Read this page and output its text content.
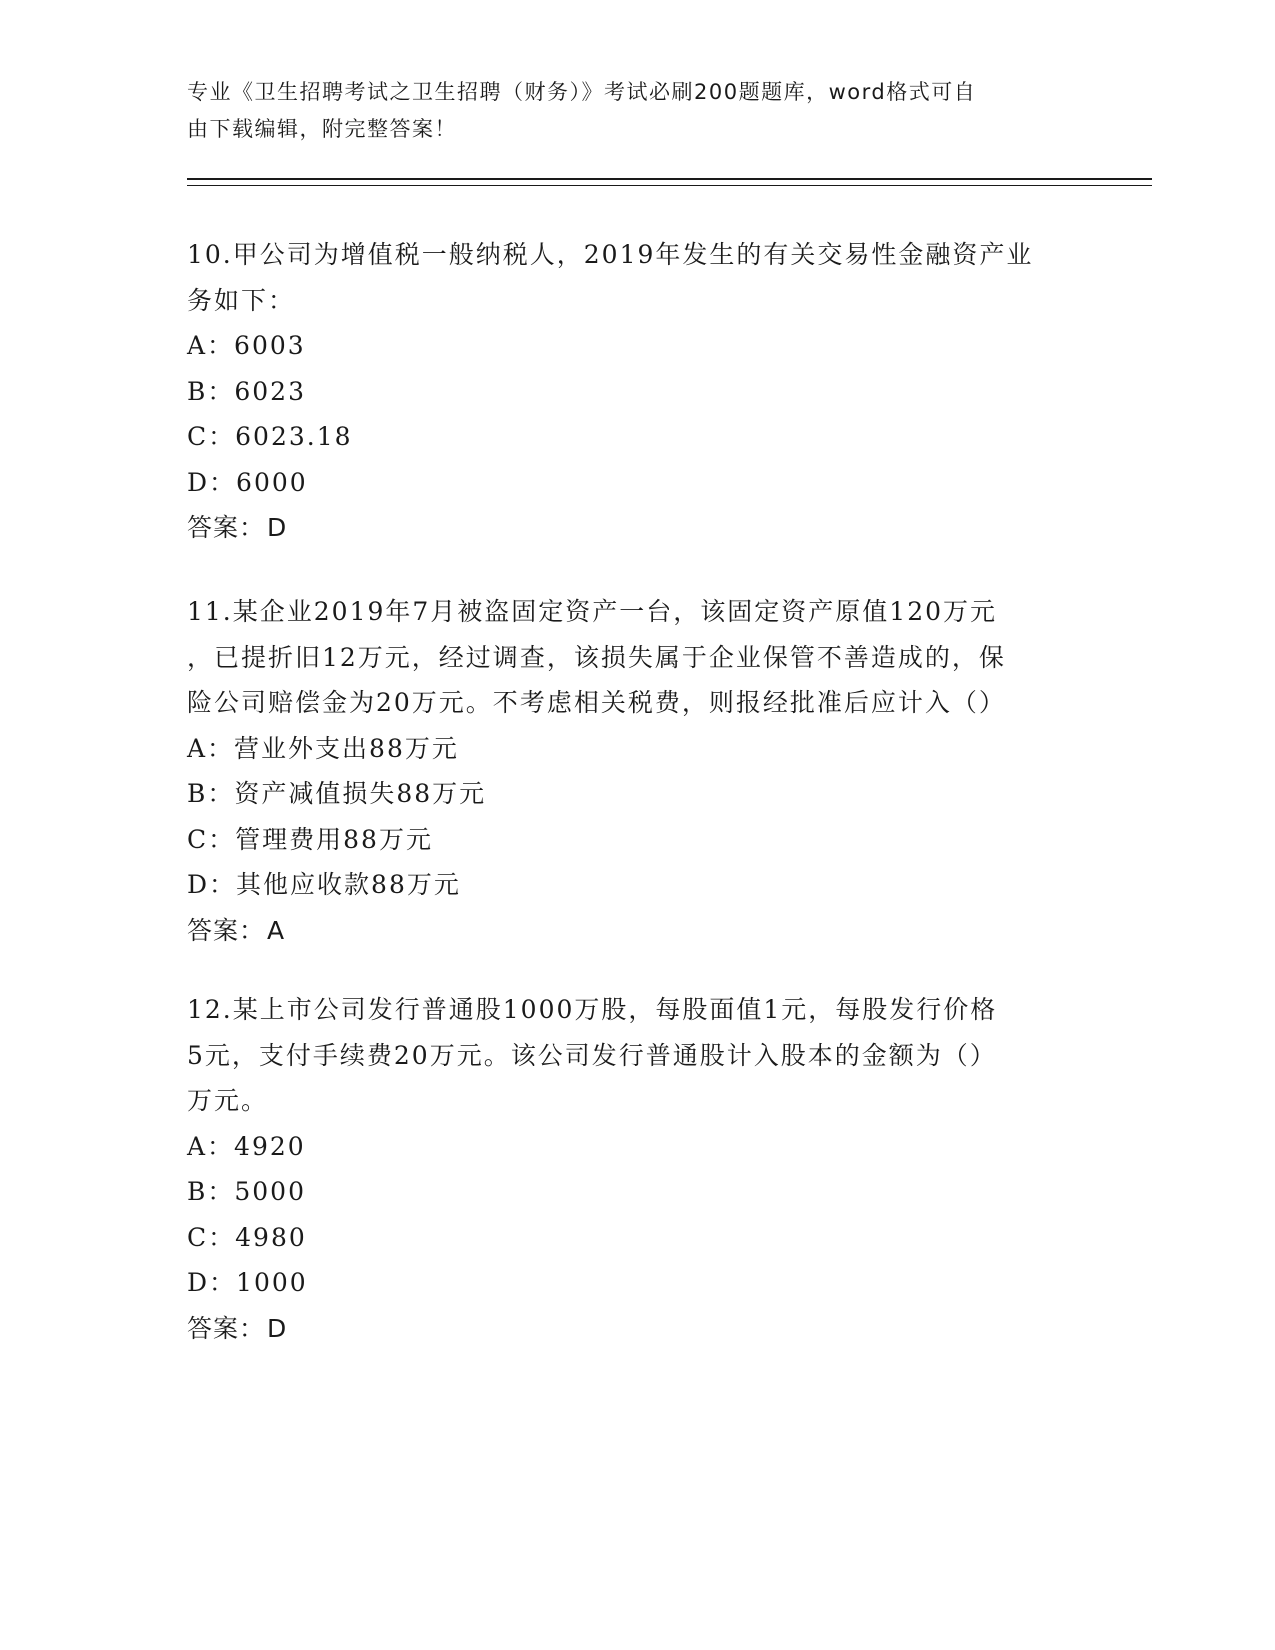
专业《卫生招聘考试之卫生招聘（财务）》考试必刷200题题库，word格式可自
由下载编辑，附完整答案！
10.甲公司为增值税一般纳税人，2019年发生的有关交易性金融资产业
务如下：
A：6003
B：6023
C：6023.18
D：6000
答案：D
11.某企业2019年7月被盗固定资产一台，该固定资产原值120万元
，已提折旧12万元，经过调查，该损失属于企业保管不善造成的，保
险公司赔偿金为20万元。不考虑相关税费，则报经批准后应计入（）
A：营业外支出88万元
B：资产减值损失88万元
C：管理费用88万元
D：其他应收款88万元
答案：A
12.某上市公司发行普通股1000万股，每股面值1元，每股发行价格
5元，支付手续费20万元。该公司发行普通股计入股本的金额为（）
万元。
A：4920
B：5000
C：4980
D：1000
答案：D
